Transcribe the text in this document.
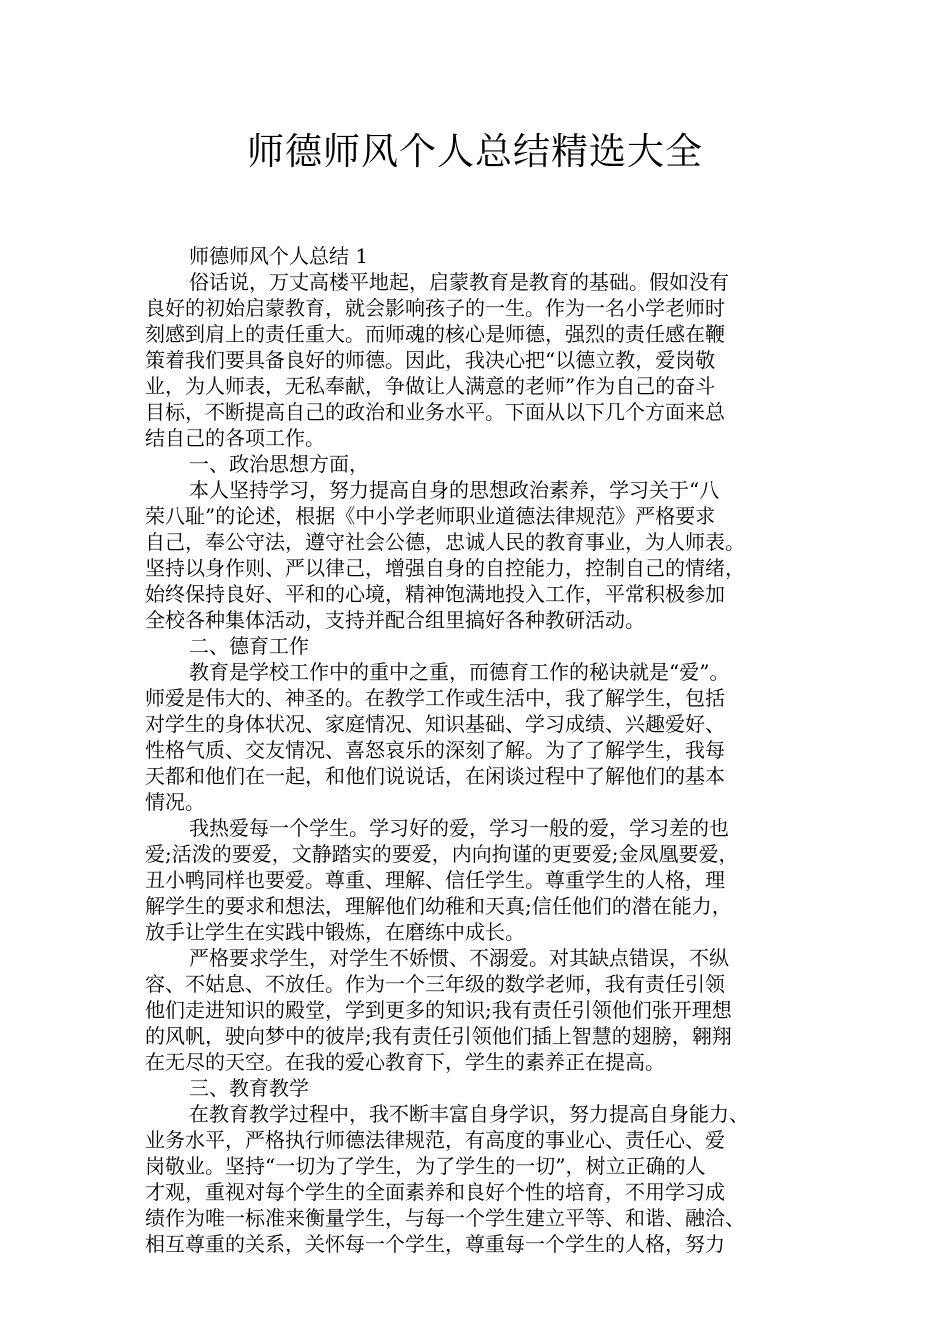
师德师风个人总结精选大全
师德师风个人总结 1
俗话说，万丈高楼平地起，启蒙教育是教育的基础。假如没有
良好的初始启蒙教育，就会影响孩子的一生。作为一名小学老师时
刻感到肩上的责任重大。而师魂的核心是师德，强烈的责任感在鞭
策着我们要具备良好的师德。因此，我决心把“以德立教，爱岗敬
业，为人师表，无私奉献，争做让人满意的老师”作为自己的奋斗
目标，不断提高自己的政治和业务水平。下面从以下几个方面来总
结自己的各项工作。
一、政治思想方面，
本人坚持学习，努力提高自身的思想政治素养，学习关于“八
荣八耻”的论述，根据《中小学老师职业道德法律规范》严格要求
自己，奉公守法，遵守社会公德，忠诚人民的教育事业，为人师表。
坚持以身作则、严以律己，增强自身的自控能力，控制自己的情绪，
始终保持良好、平和的心境，精神饱满地投入工作，平常积极参加
全校各种集体活动，支持并配合组里搞好各种教研活动。
二、德育工作
教育是学校工作中的重中之重，而德育工作的秘诀就是“爱”。
师爱是伟大的、神圣的。在教学工作或生活中，我了解学生，包括
对学生的身体状况、家庭情况、知识基础、学习成绩、兴趣爱好、
性格气质、交友情况、喜怒哀乐的深刻了解。为了了解学生，我每
天都和他们在一起，和他们说说话，在闲谈过程中了解他们的基本
情况。
我热爱每一个学生。学习好的爱，学习一般的爱，学习差的也
爱;活泼的要爱，文静踏实的要爱，内向拘谨的更要爱;金凤凰要爱，
丑小鸭同样也要爱。尊重、理解、信任学生。尊重学生的人格，理
解学生的要求和想法，理解他们幼稚和天真;信任他们的潜在能力，
放手让学生在实践中锻炼，在磨练中成长。
严格要求学生，对学生不娇惯、不溺爱。对其缺点错误，不纵
容、不姑息、不放任。作为一个三年级的数学老师，我有责任引领
他们走进知识的殿堂，学到更多的知识;我有责任引领他们张开理想
的风帆，驶向梦中的彼岸;我有责任引领他们插上智慧的翅膀，翱翔
在无尽的天空。在我的爱心教育下，学生的素养正在提高。
三、教育教学
在教育教学过程中，我不断丰富自身学识，努力提高自身能力、
业务水平，严格执行师德法律规范，有高度的事业心、责任心、爱
岗敬业。坚持“一切为了学生，为了学生的一切”，树立正确的人
才观，重视对每个学生的全面素养和良好个性的培育，不用学习成
绩作为唯一标准来衡量学生，与每一个学生建立平等、和谐、融洽、
相互尊重的关系，关怀每一个学生，尊重每一个学生的人格，努力
